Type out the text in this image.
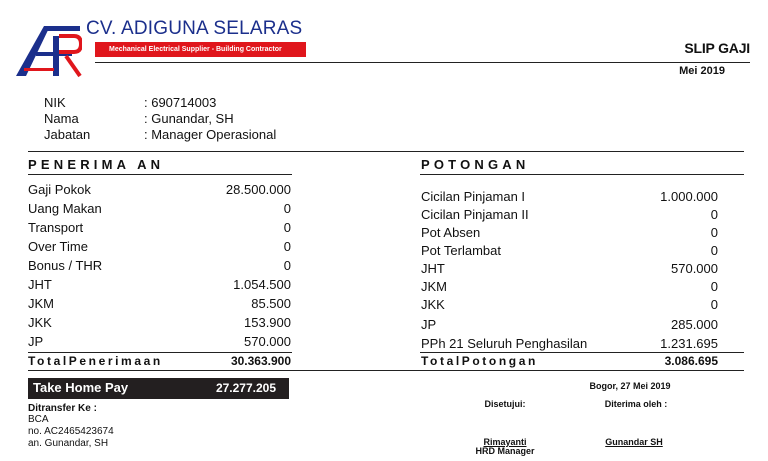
CV. ADIGUNA SELARAS
Mechanical Electrical Supplier - Building Contractor	SLIP GAJI
Mei 2019
NIK	: 690714003
Nama	: Gunandar, SH
Jabatan	: Manager Operasional
PENERIMA AN	POTONGAN
Gaji Pokok	28.500.000
Uang Makan	0
Transport	0
Over Time	0
Bonus / THR	0
JHT	1.054.500
JKM	85.500
JKK	153.900
JP	570.000
Cicilan Pinjaman I	1.000.000
Cicilan Pinjaman II	0
Pot Absen	0
Pot Terlambat	0
JHT	570.000
JKM	0
JKK	0
JP	285.000
PPh 21 Seluruh Penghasilan	1.231.695
TotalPenerimaan	30.363.900	TotalPotongan	3.086.695
Take Home Pay	27.277.205
Ditransfer Ke :
BCA
no. AC2465423674
an. Gunandar, SH
Bogor, 27 Mei 2019
Disetujui:	Diterima oleh :
Rimayanti
HRD Manager
Gunandar SH
